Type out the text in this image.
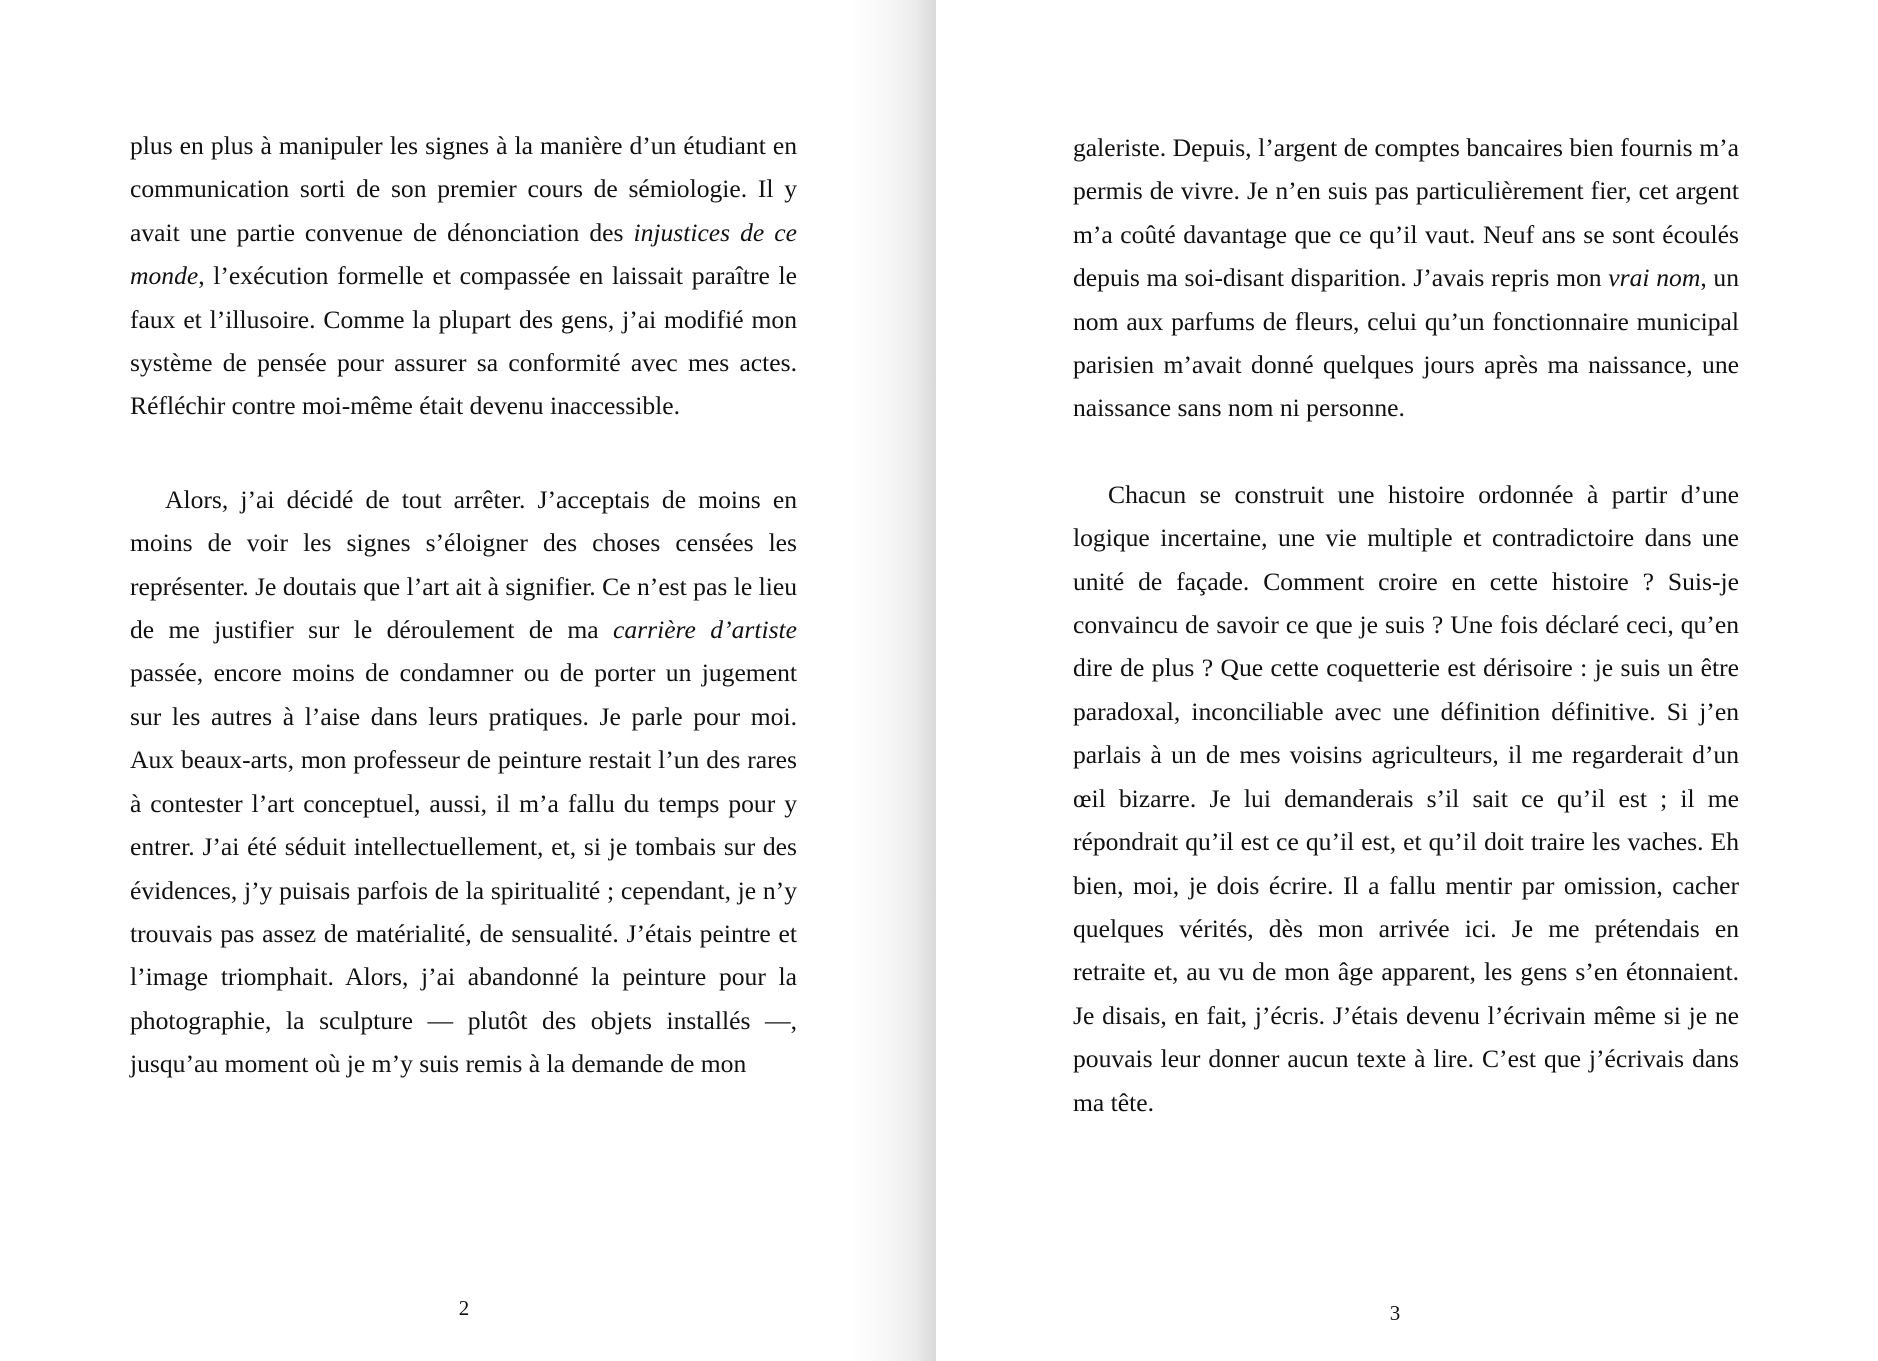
plus en plus à manipuler les signes à la manière d’un étudiant en communication sorti de son premier cours de sémiologie. Il y avait une partie convenue de dénonciation des injustices de ce monde, l’exécution formelle et compassée en laissait paraître le faux et l’illusoire. Comme la plupart des gens, j’ai modifié mon système de pensée pour assurer sa conformité avec mes actes. Réfléchir contre moi-même était devenu inaccessible.

Alors, j’ai décidé de tout arrêter. J’acceptais de moins en moins de voir les signes s’éloigner des choses censées les représenter. Je doutais que l’art ait à signifier. Ce n’est pas le lieu de me justifier sur le déroulement de ma carrière d’artiste passée, encore moins de condamner ou de porter un jugement sur les autres à l’aise dans leurs pratiques. Je parle pour moi. Aux beaux-arts, mon professeur de peinture restait l’un des rares à contester l’art conceptuel, aussi, il m’a fallu du temps pour y entrer. J’ai été séduit intellectuellement, et, si je tombais sur des évidences, j’y puisais parfois de la spiritualité ; cependant, je n’y trouvais pas assez de matérialité, de sensualité. J’étais peintre et l’image triomphait. Alors, j’ai abandonné la peinture pour la photographie, la sculpture — plutôt des objets installés —, jusqu’au moment où je m’y suis remis à la demande de mon

2

galeriste. Depuis, l’argent de comptes bancaires bien fournis m’a permis de vivre. Je n’en suis pas particulièrement fier, cet argent m’a coûté davantage que ce qu’il vaut. Neuf ans se sont écoulés depuis ma soi-disant disparition. J’avais repris mon vrai nom, un nom aux parfums de fleurs, celui qu’un fonctionnaire municipal parisien m’avait donné quelques jours après ma naissance, une naissance sans nom ni personne.

Chacun se construit une histoire ordonnée à partir d’une logique incertaine, une vie multiple et contradictoire dans une unité de façade. Comment croire en cette histoire ? Suis-je convaincu de savoir ce que je suis ? Une fois déclaré ceci, qu’en dire de plus ? Que cette coquetterie est dérisoire : je suis un être paradoxal, inconciliable avec une définition définitive. Si j’en parlais à un de mes voisins agriculteurs, il me regarderait d’un œil bizarre. Je lui demanderais s’il sait ce qu’il est ; il me répondrait qu’il est ce qu’il est, et qu’il doit traire les vaches. Eh bien, moi, je dois écrire. Il a fallu mentir par omission, cacher quelques vérités, dès mon arrivée ici. Je me prétendais en retraite et, au vu de mon âge apparent, les gens s’en étonnaient. Je disais, en fait, j’écris. J’étais devenu l’écrivain même si je ne pouvais leur donner aucun texte à lire. C’est que j’écrivais dans ma tête.

3
